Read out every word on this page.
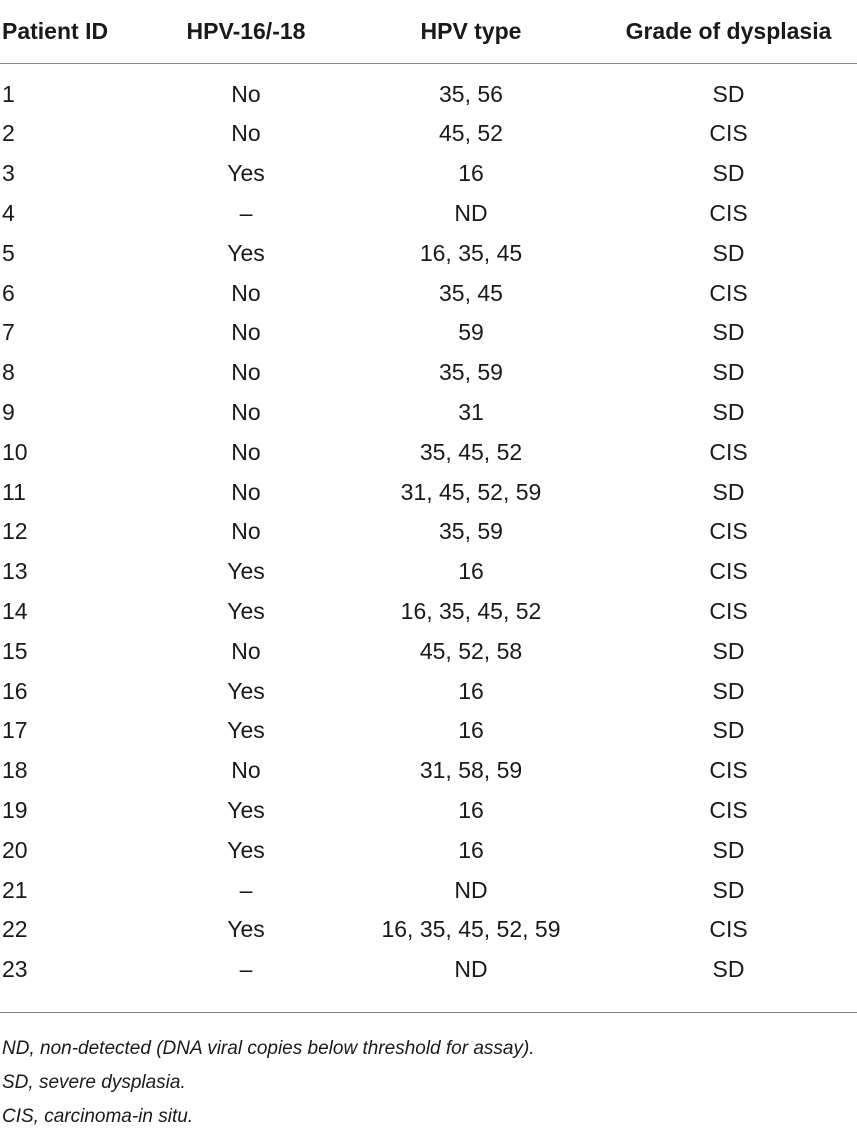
Patient ID	HPV-16/-18	HPV type	Grade of dysplasia
1	No	35, 56	SD
2	No	45, 52	CIS
3	Yes	16	SD
4	–	ND	CIS
5	Yes	16, 35, 45	SD
6	No	35, 45	CIS
7	No	59	SD
8	No	35, 59	SD
9	No	31	SD
10	No	35, 45, 52	CIS
11	No	31, 45, 52, 59	SD
12	No	35, 59	CIS
13	Yes	16	CIS
14	Yes	16, 35, 45, 52	CIS
15	No	45, 52, 58	SD
16	Yes	16	SD
17	Yes	16	SD
18	No	31, 58, 59	CIS
19	Yes	16	CIS
20	Yes	16	SD
21	–	ND	SD
22	Yes	16, 35, 45, 52, 59	CIS
23	–	ND	SD
ND, non-detected (DNA viral copies below threshold for assay).
SD, severe dysplasia.
CIS, carcinoma-in situ.
